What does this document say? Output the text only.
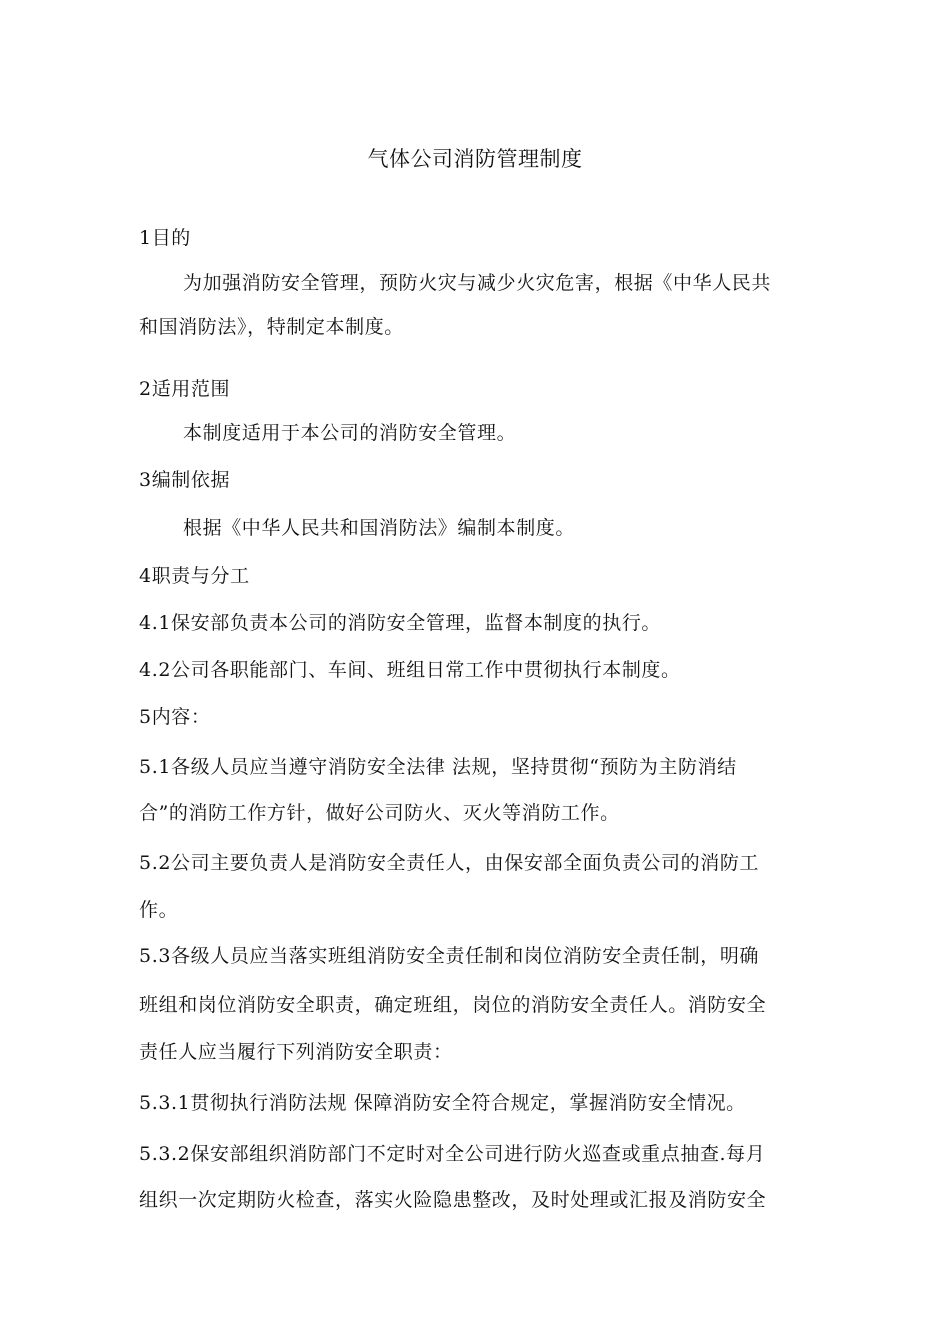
气体公司消防管理制度
1目的
为加强消防安全管理，预防火灾与减少火灾危害，根据《中华人民共
和国消防法》，特制定本制度。
2适用范围
本制度适用于本公司的消防安全管理。
3编制依据
根据《中华人民共和国消防法》编制本制度。
4职责与分工
4.1保安部负责本公司的消防安全管理，监督本制度的执行。
4.2公司各职能部门、车间、班组日常工作中贯彻执行本制度。
5内容：
5.1各级人员应当遵守消防安全法律 法规，坚持贯彻“预防为主防消结
合”的消防工作方针，做好公司防火、灭火等消防工作。
5.2公司主要负责人是消防安全责任人，由保安部全面负责公司的消防工
作。
5.3各级人员应当落实班组消防安全责任制和岗位消防安全责任制，明确
班组和岗位消防安全职责，确定班组，岗位的消防安全责任人。消防安全
责任人应当履行下列消防安全职责：
5.3.1贯彻执行消防法规 保障消防安全符合规定，掌握消防安全情况。
5.3.2保安部组织消防部门不定时对全公司进行防火巡查或重点抽查.每月
组织一次定期防火检查，落实火险隐患整改，及时处理或汇报及消防安全
